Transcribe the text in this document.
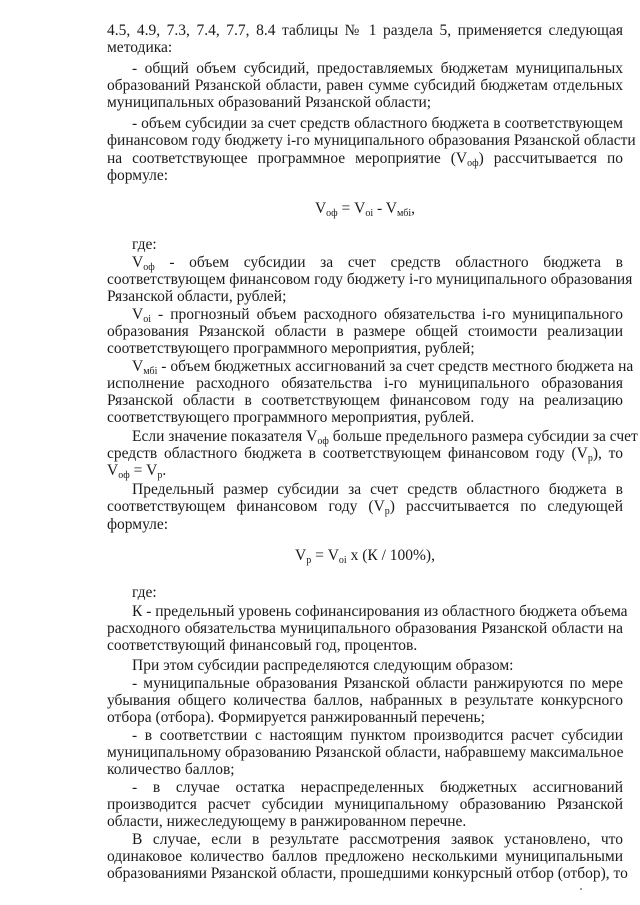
4.5, 4.9, 7.3, 7.4, 7.7, 8.4 таблицы № 1 раздела 5, применяется следующая
методика:
- общий объем субсидий, предоставляемых бюджетам муниципальных
образований Рязанской области, равен сумме субсидий бюджетам отдельных
муниципальных образований Рязанской области;
- объем субсидии за счет средств областного бюджета в соответствующем
финансовом году бюджету i-го муниципального образования Рязанской области
на соответствующее программное мероприятие $(V_{оф})$ рассчитывается по
формуле:
$V_{оф} = V_{oi} - V_{мбi}$,
где:
$V_{оф}$ - объем субсидии за счет средств областного бюджета в
соответствующем финансовом году бюджету i-го муниципального образования
Рязанской области, рублей;
$V_{oi}$ - прогнозный объем расходного обязательства i-го муниципального
образования Рязанской области в размере общей стоимости реализации
соответствующего программного мероприятия, рублей;
$V_{мбi}$ - объем бюджетных ассигнований за счет средств местного бюджета на
исполнение расходного обязательства i-го муниципального образования
Рязанской области в соответствующем финансовом году на реализацию
соответствующего программного мероприятия, рублей.
Если значение показателя $V_{оф}$ больше предельного размера субсидии за счет
средств областного бюджета в соответствующем финансовом году $(V_р)$, то
$V_{оф} = V_р$.
Предельный размер субсидии за счет средств областного бюджета в
соответствующем финансовом году $(V_р)$ рассчитывается по следующей
формуле:
$V_р = V_{oi}$ x (К / 100%),
где:
К - предельный уровень софинансирования из областного бюджета объема
расходного обязательства муниципального образования Рязанской области на
соответствующий финансовый год, процентов.
При этом субсидии распределяются следующим образом:
- муниципальные образования Рязанской области ранжируются по мере
убывания общего количества баллов, набранных в результате конкурсного
отбора (отбора). Формируется ранжированный перечень;
- в соответствии с настоящим пунктом производится расчет субсидии
муниципальному образованию Рязанской области, набравшему максимальное
количество баллов;
- в случае остатка нераспределенных бюджетных ассигнований
производится расчет субсидии муниципальному образованию Рязанской
области, нижеследующему в ранжированном перечне.
В случае, если в результате рассмотрения заявок установлено, что
одинаковое количество баллов предложено несколькими муниципальными
образованиями Рязанской области, прошедшими конкурсный отбор (отбор), то
